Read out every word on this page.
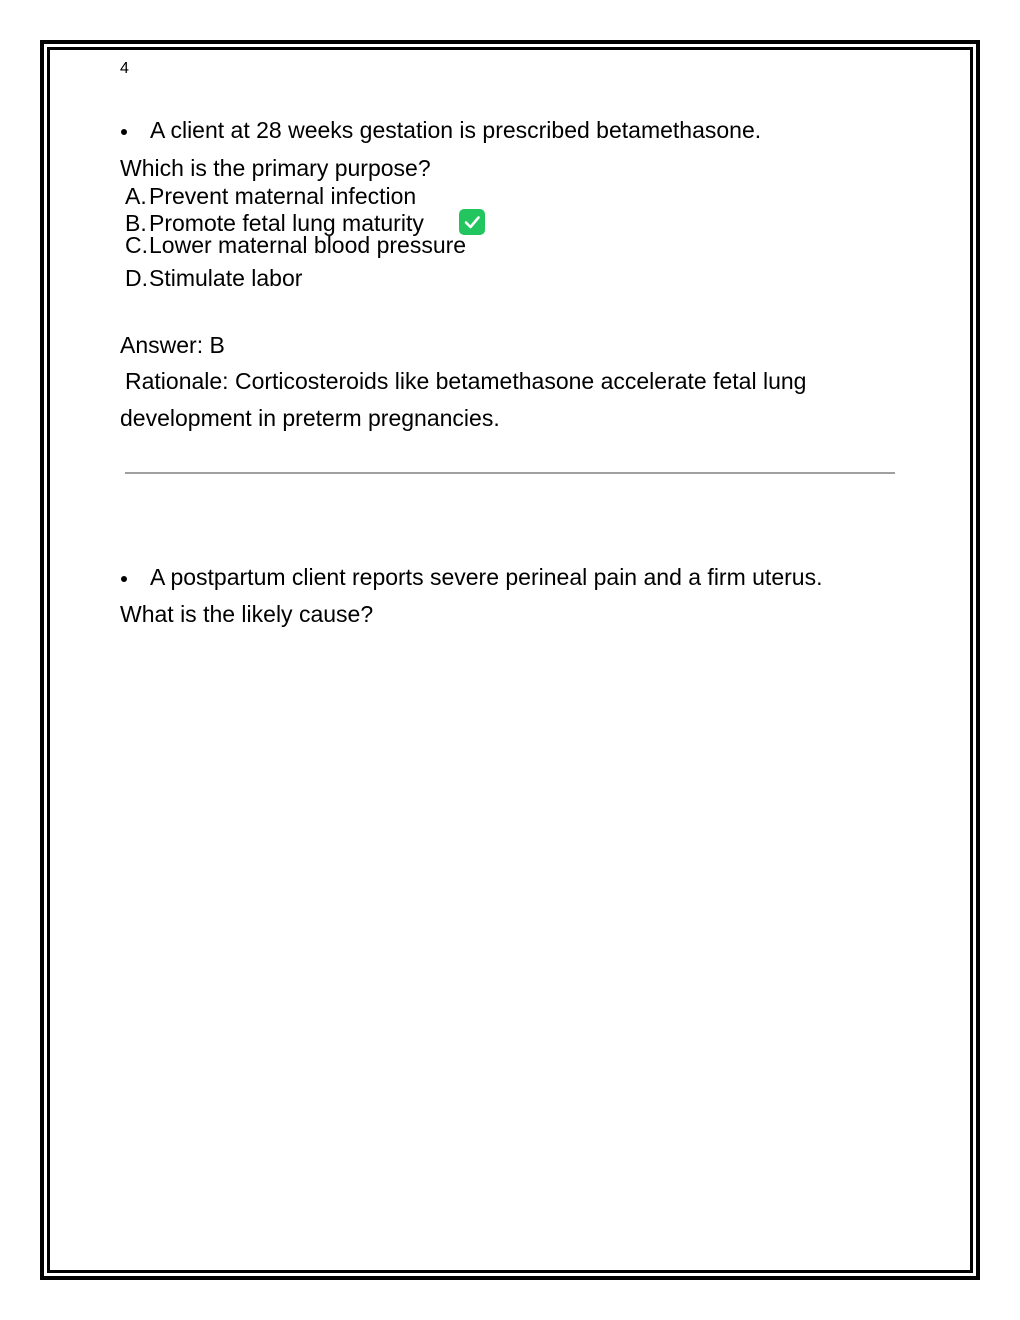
4
A client at 28 weeks gestation is prescribed betamethasone.
Which is the primary purpose?
A. Prevent maternal infection
B. Promote fetal lung maturity
C. Lower maternal blood pressure
D. Stimulate labor
Answer: B
Rationale: Corticosteroids like betamethasone accelerate fetal lung
development in preterm pregnancies.
A postpartum client reports severe perineal pain and a firm uterus.
What is the likely cause?
